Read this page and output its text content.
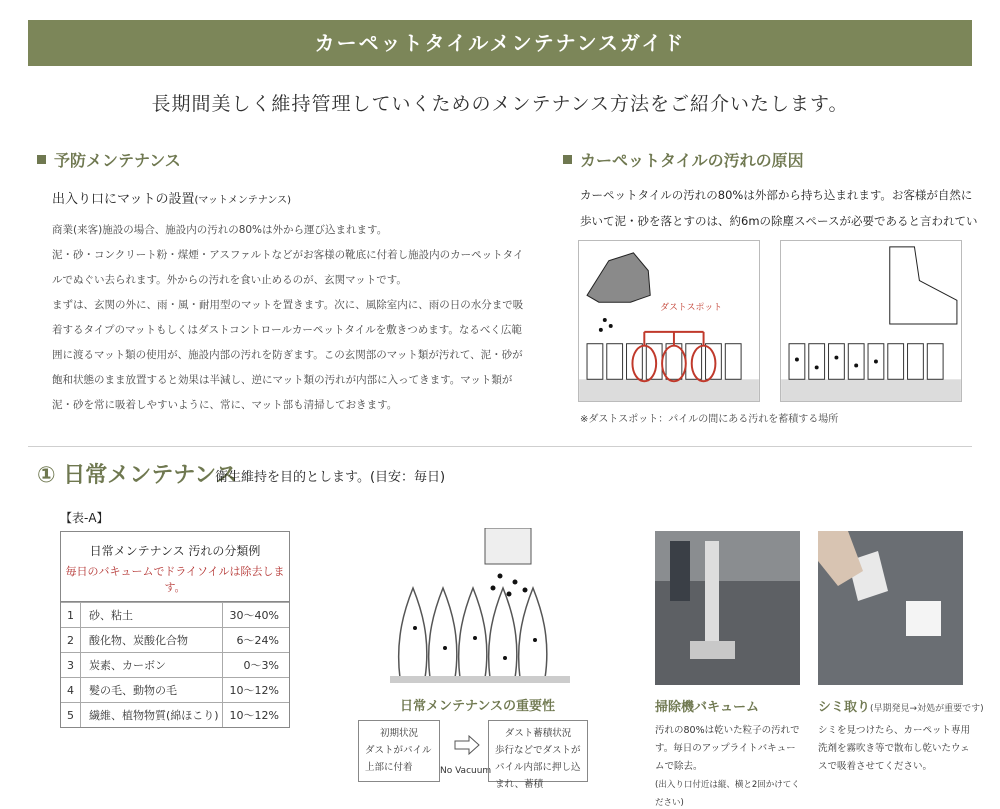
カーペットタイルメンテナンスガイド
長期間美しく維持管理していくためのメンテナンス方法をご紹介いたします。
予防メンテナンス
出入り口にマットの設置(マットメンテナンス)
商業(来客)施設の場合、施設内の汚れの80%は外から運び込まれます。
泥・砂・コンクリート粉・煤煙・アスファルトなどがお客様の靴底に付着し施設内のカーペットタイルでぬぐい去られます。外からの汚れを食い止めるのが、玄関マットです。
まずは、玄関の外に、雨・風・耐用型のマットを置きます。次に、風除室内に、雨の日の水分まで吸着するタイプのマットもしくはダストコントロールカーペットタイルを敷きつめます。なるべく広範囲に渡るマット類の使用が、施設内部の汚れを防ぎます。この玄関部のマット類が汚れて、泥・砂が飽和状態のまま放置すると効果は半減し、逆にマット類の汚れが内部に入ってきます。マット類が泥・砂を常に吸着しやすいように、常に、マット部も清掃しておきます。
カーペットタイルの汚れの原因
カーペットタイルの汚れの80%は外部から持ち込まれます。お客様が自然に歩いて泥・砂を落とすのは、約6mの除塵スペースが必要であると言われてい
ダストスポット
※ダストスポット：パイルの間にある汚れを蓄積する場所
① 日常メンテナンス
衛生維持を目的とします。(目安：毎日)
【表-A】
日常メンテナンス 汚れの分類例
毎日のバキュームでドライソイルは除去します。
1	砂、粘土	30〜40%
2	酸化物、炭酸化合物	6〜24%
3	炭素、カーボン	0〜3%
4	髪の毛、動物の毛	10〜12%
5	繊維、植物物質(綿ほこり) 10〜12%
日常メンテナンスの重要性
初期状況
ダストがパイル上部に付着	No Vacuum
ダスト蓄積状況
歩行などでダストがパイル内部に押し込まれ、蓄積
掃除機バキューム
汚れの80%は乾いた粒子の汚れです。毎日のアップライトバキュームで除去。
(出入り口付近は縦、横と2回かけてください)
シミ取り(早期発見→対処が重要です)
シミを見つけたら、カーペット専用洗剤を霧吹き等で散布し乾いたウェスで吸着させてください。
